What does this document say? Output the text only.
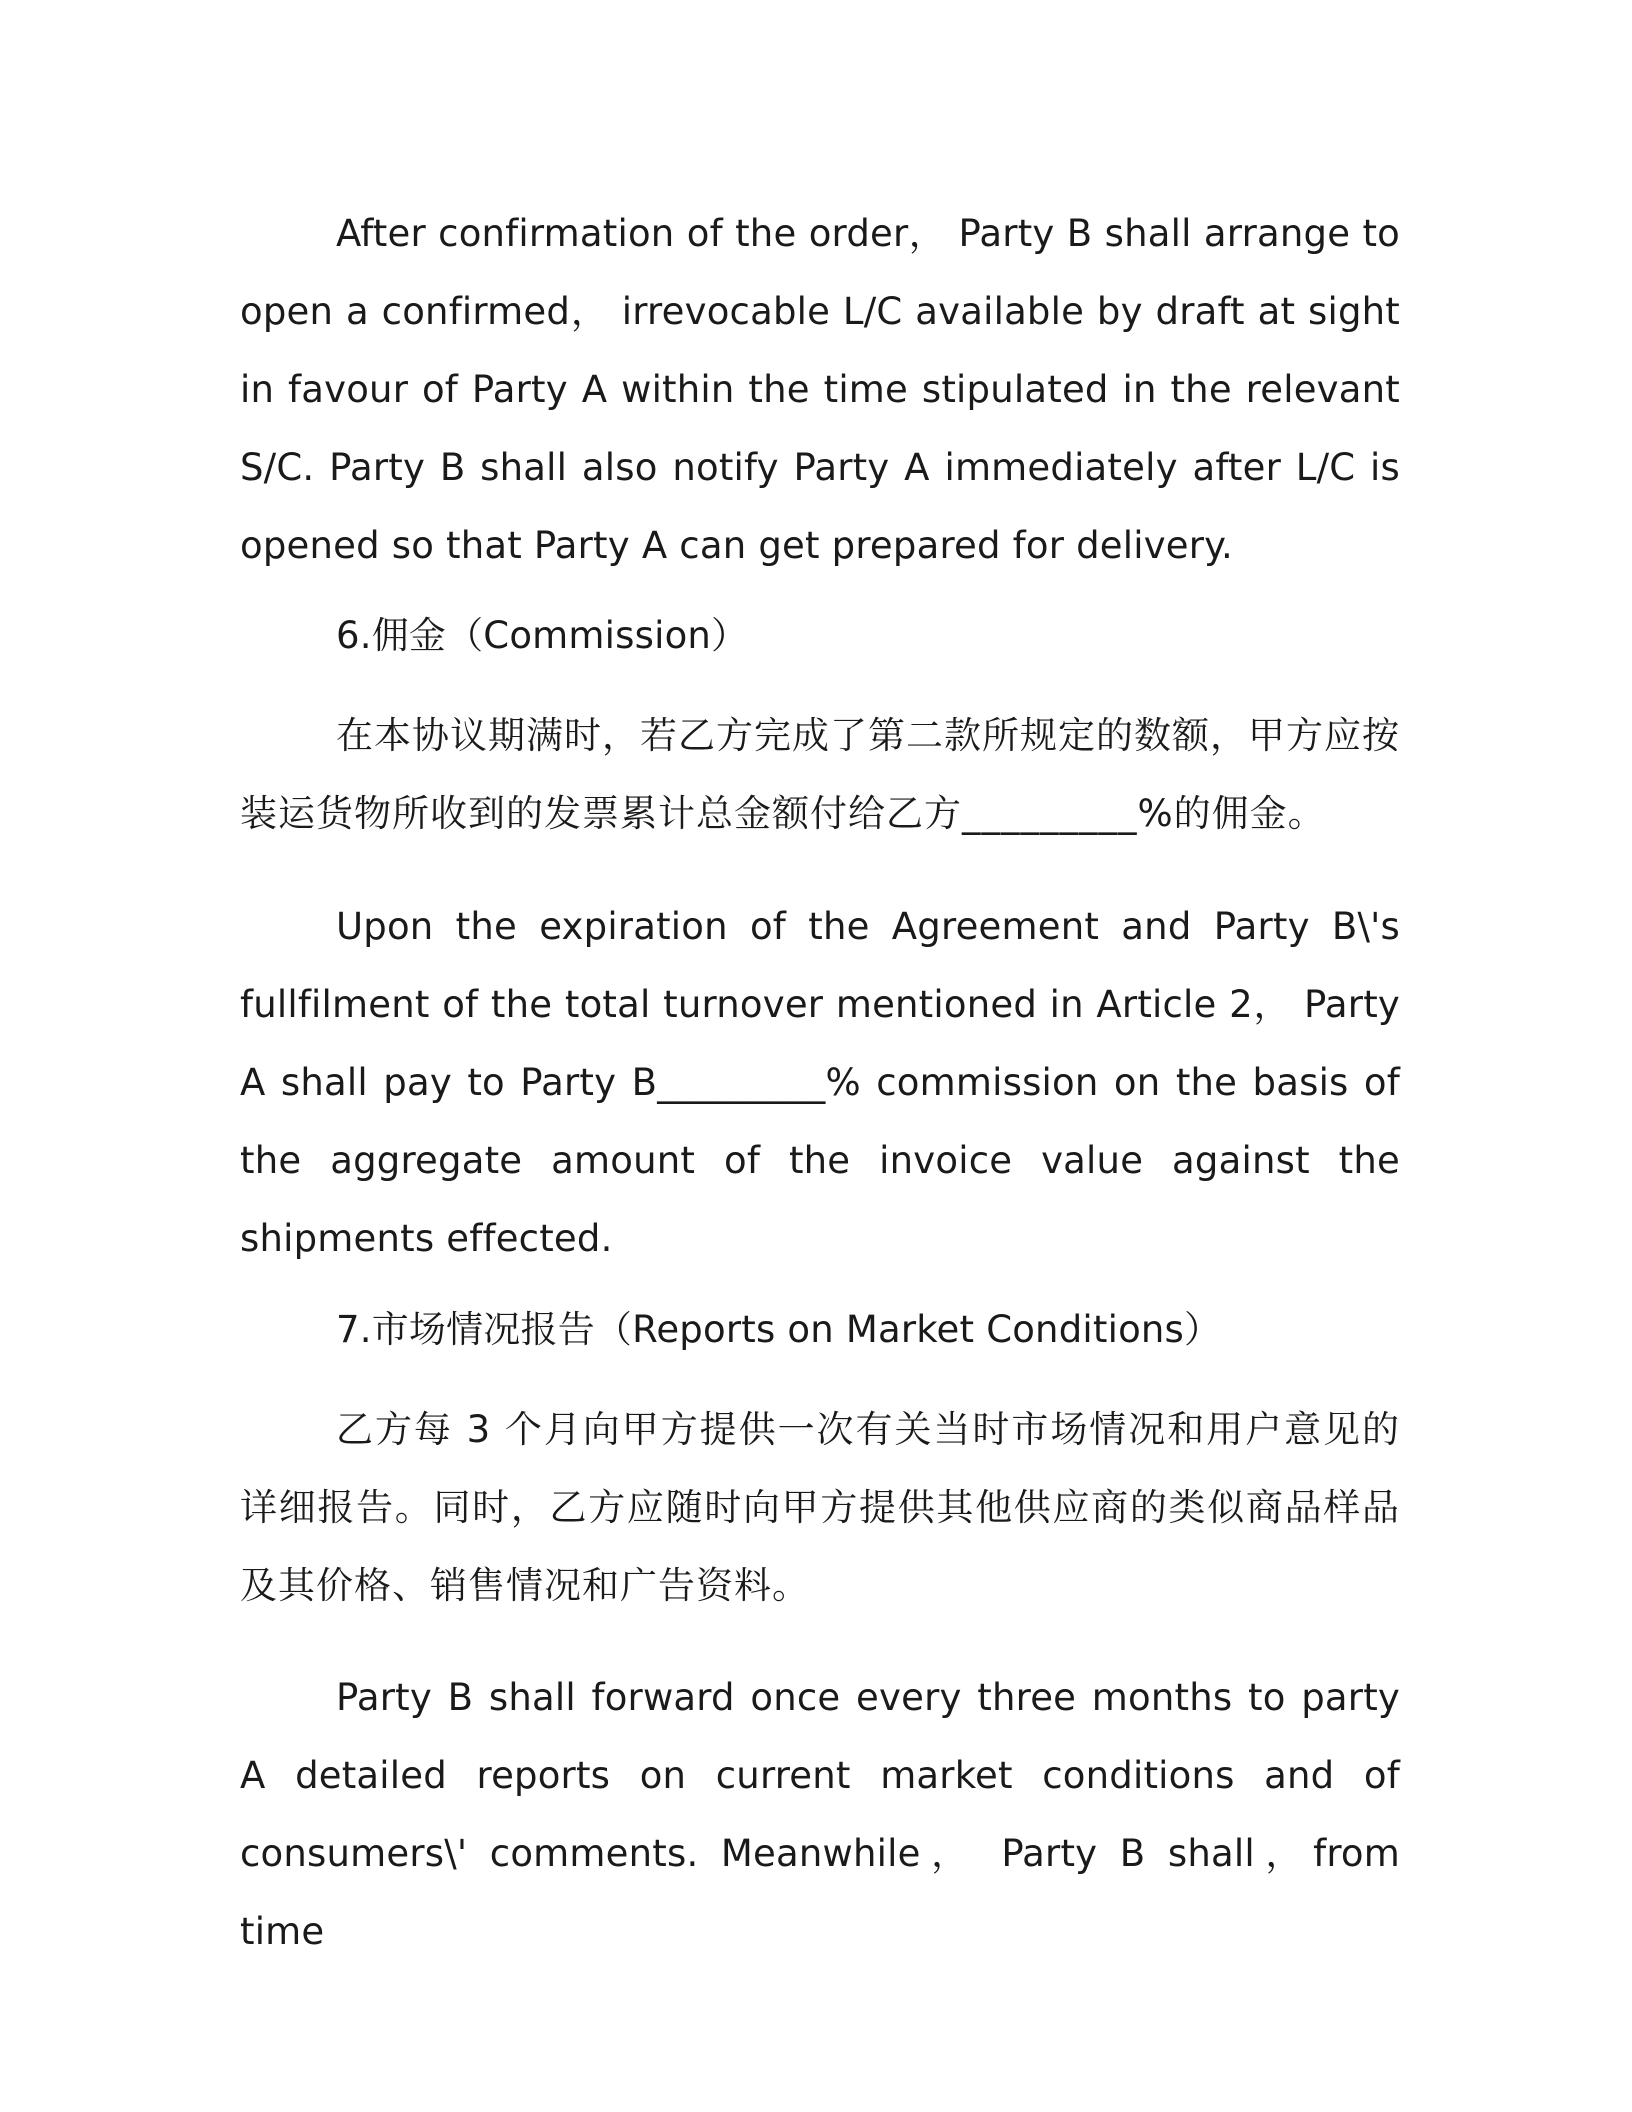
After confirmation of the order， Party B shall arrange to open a confirmed， irrevocable L/C available by draft at sight in favour of Party A within the time stipulated in the relevant S/C. Party B shall also notify Party A immediately after L/C is opened so that Party A can get prepared for delivery.

6.佣金（Commission）

在本协议期满时，若乙方完成了第二款所规定的数额，甲方应按装运货物所收到的发票累计总金额付给乙方_________%的佣金。

Upon the expiration of the Agreement and Party B\'s fullfilment of the total turnover mentioned in Article 2， Party A shall pay to Party B_________% commission on the basis of the aggregate amount of the invoice value against the shipments effected.

7.市场情况报告（Reports on Market Conditions）

乙方每 3 个月向甲方提供一次有关当时市场情况和用户意见的详细报告。同时，乙方应随时向甲方提供其他供应商的类似商品样品及其价格、销售情况和广告资料。

Party B shall forward once every three months to party A detailed reports on current market conditions and of consumers\' comments. Meanwhile， Party B shall，from time
